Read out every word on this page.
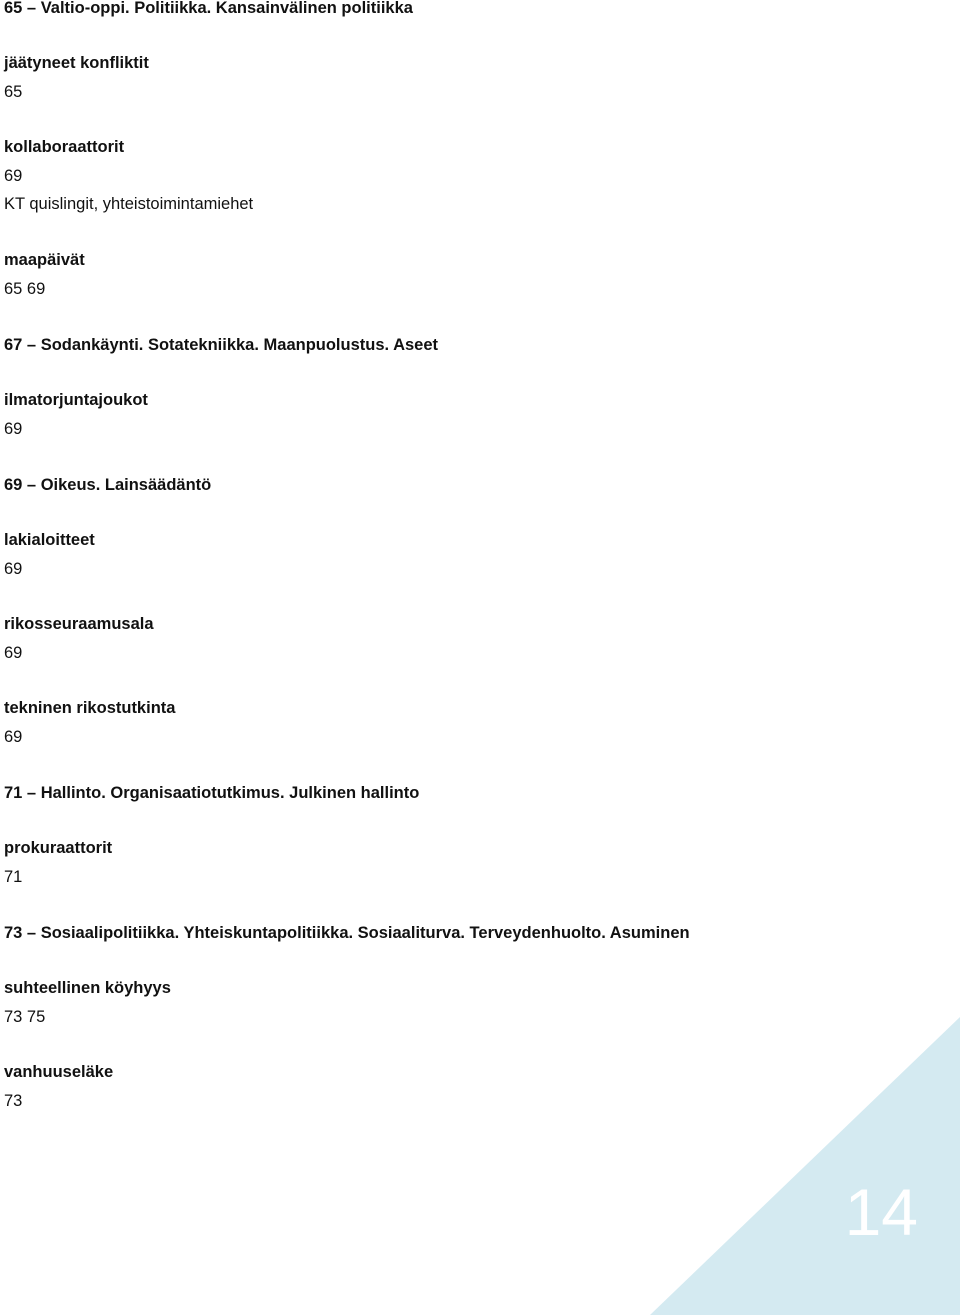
14
65 – Valtio-oppi. Politiikka. Kansainvälinen politiikka
jäätyneet konfliktit
65
kollaboraattorit
69
KT quislingit, yhteistoimintamiehet
maapäivät
65 69
67 – Sodankäynti. Sotatekniikka. Maanpuolustus. Aseet
ilmatorjuntajoukot
69
69 – Oikeus. Lainsäädäntö
lakialoitteet
69
rikosseuraamusala
69
tekninen rikostutkinta
69
71 – Hallinto. Organisaatiotutkimus. Julkinen hallinto
prokuraattorit
71
73 – Sosiaalipolitiikka. Yhteiskuntapolitiikka. Sosiaaliturva. Terveydenhuolto. Asuminen
suhteellinen köyhyys
73 75
vanhuuseläke
73
